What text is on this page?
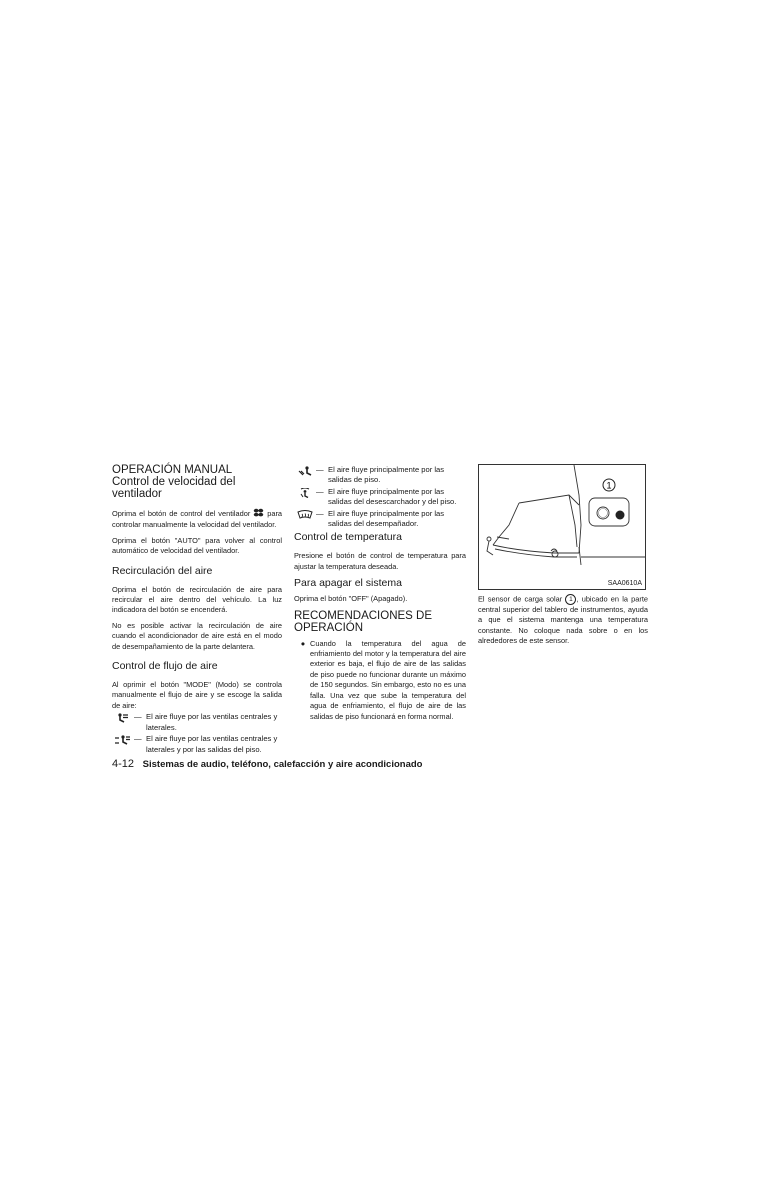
OPERACIÓN MANUAL
Control de velocidad del ventilador

Oprima el botón de control del ventilador para controlar manualmente la velocidad del ventilador.

Oprima el botón "AUTO" para volver al control automático de velocidad del ventilador.

Recirculación del aire

Oprima el botón de recirculación de aire para recircular el aire dentro del vehículo. La luz indicadora del botón se encenderá.

No es posible activar la recirculación de aire cuando el acondicionador de aire está en el modo de desempañamiento de la parte delantera.

Control de flujo de aire

Al oprimir el botón "MODE" (Modo) se controla manualmente el flujo de aire y se escoge la salida de aire:

— El aire fluye por las ventilas centrales y laterales.
— El aire fluye por las ventilas centrales y laterales y por las salidas del piso.
— El aire fluye principalmente por las salidas de piso.
— El aire fluye principalmente por las salidas del desescarchador y del piso.
— El aire fluye principalmente por las salidas del desempañador.
Control de temperatura

Presione el botón de control de temperatura para ajustar la temperatura deseada.

Para apagar el sistema

Oprima el botón "OFF" (Apagado).

RECOMENDACIONES DE OPERACIÓN
● Cuando la temperatura del agua de enfriamiento del motor y la temperatura del aire exterior es baja, el flujo de aire de las salidas de piso puede no funcionar durante un máximo de 150 segundos. Sin embargo, esto no es una falla. Una vez que sube la temperatura del agua de enfriamiento, el flujo de aire de las salidas de piso funcionará en forma normal.
1
SAA0610A

El sensor de carga solar 1 , ubicado en la parte central superior del tablero de instrumentos, ayuda a que el sistema mantenga una temperatura constante. No coloque nada sobre o en los alrededores de este sensor.

4-12 Sistemas de audio, teléfono, calefacción y aire acondicionado
